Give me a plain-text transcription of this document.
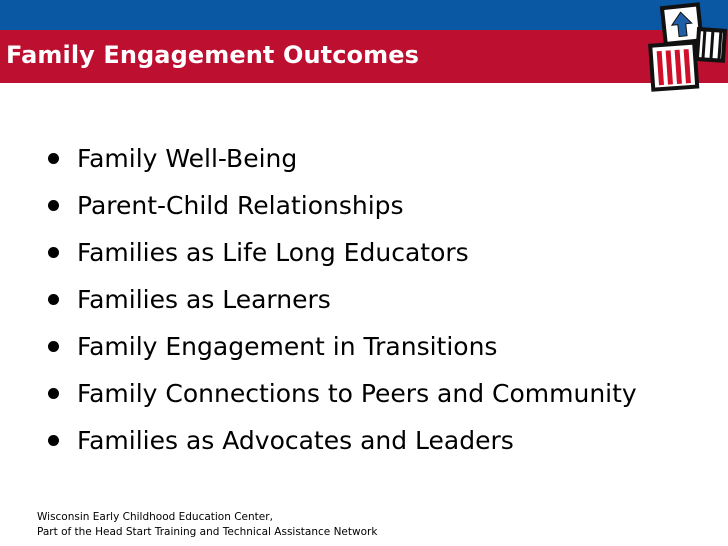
Family Engagement Outcomes
Family Well-Being
Parent-Child Relationships
Families as Life Long Educators
Families as Learners
Family Engagement in Transitions
Family Connections to Peers and Community
Families as Advocates and Leaders
Wisconsin Early Childhood Education Center,
Part of the Head Start Training and Technical Assistance Network
